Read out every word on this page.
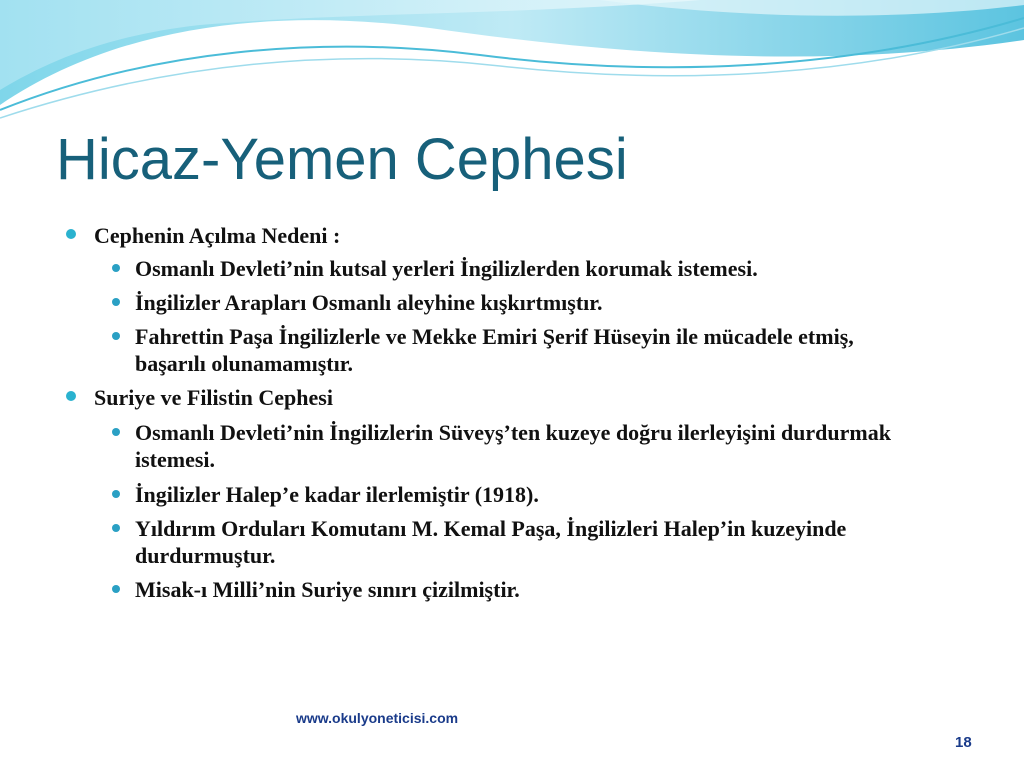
Hicaz-Yemen Cephesi
Cephenin Açılma Nedeni :
Osmanlı Devleti’nin kutsal yerleri İngilizlerden korumak istemesi.
İngilizler Arapları Osmanlı aleyhine kışkırtmıştır.
Fahrettin Paşa İngilizlerle ve Mekke Emiri Şerif Hüseyin ile mücadele etmiş, başarılı olunamamıştır.
Suriye ve Filistin Cephesi
Osmanlı Devleti’nin İngilizlerin Süveyş’ten kuzeye doğru ilerleyişini durdurmak istemesi.
İngilizler Halep’e kadar ilerlemiştir (1918).
Yıldırım Orduları Komutanı M. Kemal Paşa, İngilizleri Halep’in kuzeyinde durdurmuştur.
Misak-ı Milli’nin Suriye sınırı çizilmiştir.
www.okulyoneticisi.com
18
